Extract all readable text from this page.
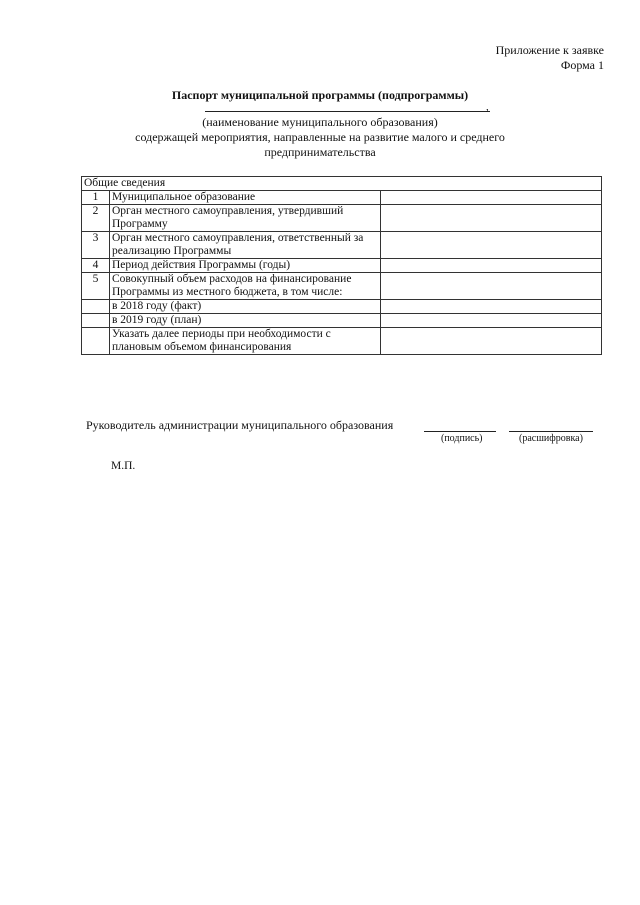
Приложение к заявке
Форма 1
Паспорт муниципальной программы (подпрограммы)
,
(наименование муниципального образования)
содержащей мероприятия, направленные на развитие малого и среднего
предпринимательства
Общие сведения		
1	Муниципальное образование	
2	Орган местного самоуправления, утвердивший Программу	
3	Орган местного самоуправления, ответственный за реализацию Программы	
4	Период действия Программы (годы)	
5	Совокупный объем расходов на финансирование Программы из местного бюджета, в том числе:	
	в 2018 году (факт)	
	в 2019 году (план)	
	Указать далее периоды при необходимости с плановым объемом финансирования	
Руководитель администрации муниципального образования
(подпись)	(расшифровка)
М.П.
